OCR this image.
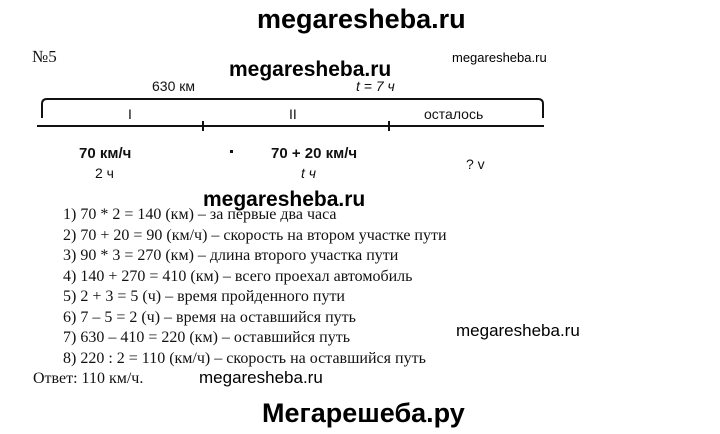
megaresheba.ru
megaresheba.ru
№5
megaresheba.ru
630 км	t = 7 ч
I	II	осталось
70 км/ч
2 ч
70 + 20 км/ч
t ч
? v
megaresheba.ru
1) 70 * 2 = 140 (км) – за первые два часа
2) 70 + 20 = 90 (км/ч) – скорость на втором участке пути
3) 90 * 3 = 270 (км) – длина второго участка пути
4) 140 + 270 = 410 (км) – всего проехал автомобиль
5) 2 + 3 = 5 (ч) – время пройденного пути
6) 7 – 5 = 2 (ч) – время на оставшийся путь
7) 630 – 410 = 220 (км) – оставшийся путь
8) 220 : 2 = 110 (км/ч) – скорость на оставшийся путь
megaresheba.ru
Ответ: 110 км/ч.	megaresheba.ru
Мегарешеба.ру
